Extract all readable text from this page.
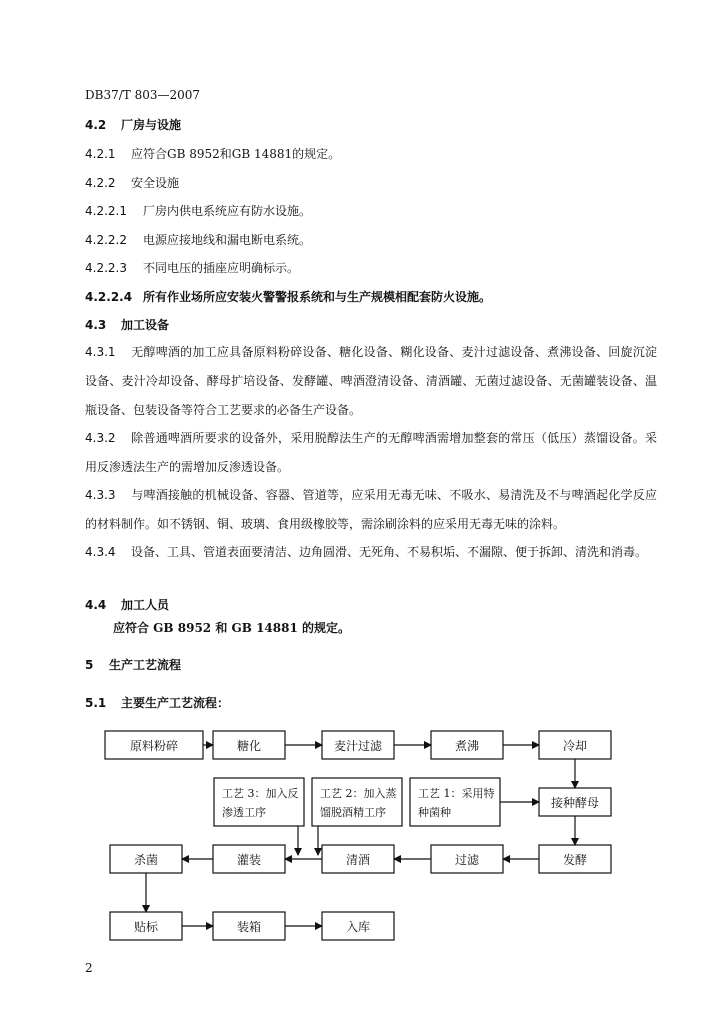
DB37/T 803—2007
4.2 厂房与设施
4.2.1 应符合GB 8952和GB 14881的规定。
4.2.2 安全设施
4.2.2.1 厂房内供电系统应有防水设施。
4.2.2.2 电源应接地线和漏电断电系统。
4.2.2.3 不同电压的插座应明确标示。
4.2.2.4 所有作业场所应安装火警警报系统和与生产规模相配套防火设施。
4.3 加工设备
4.3.1 无醇啤酒的加工应具备原料粉碎设备、糖化设备、糊化设备、麦汁过滤设备、煮沸设备、回旋沉淀设备、麦汁冷却设备、酵母扩培设备、发酵罐、啤酒澄清设备、清酒罐、无菌过滤设备、无菌罐装设备、温瓶设备、包装设备等符合工艺要求的必备生产设备。
4.3.2 除普通啤酒所要求的设备外，采用脱醇法生产的无醇啤酒需增加整套的常压（低压）蒸馏设备。采用反渗透法生产的需增加反渗透设备。
4.3.3 与啤酒接触的机械设备、容器、管道等，应采用无毒无味、不吸水、易清洗及不与啤酒起化学反应的材料制作。如不锈钢、铜、玻璃、食用级橡胶等，需涂刷涂料的应采用无毒无味的涂料。
4.3.4 设备、工具、管道表面要清洁、边角圆滑、无死角、不易积垢、不漏隙、便于拆卸、清洗和消毒。
4.4 加工人员
应符合 GB 8952 和 GB 14881 的规定。
5 生产工艺流程
5.1 主要生产工艺流程：
原料粉碎	糖化	麦汁过滤	煮沸	冷却
接种酵母
工艺 3：加入反
渗透工序
工艺 2：加入蒸
馏脱酒精工序
工艺 1：采用特
种菌种
杀菌	灌装	清酒	过滤	发酵
贴标	装箱	入库
2
